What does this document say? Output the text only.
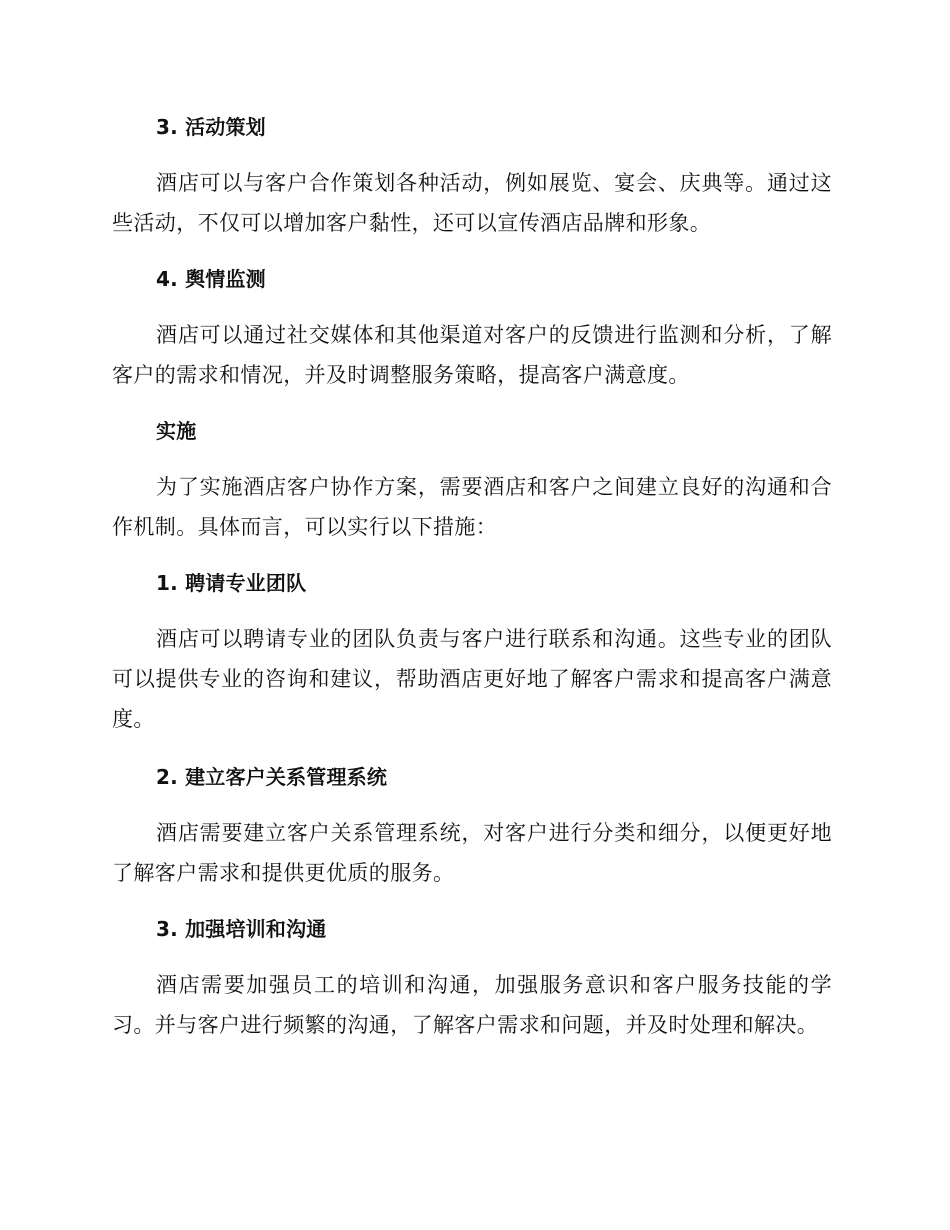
3. 活动策划

酒店可以与客户合作策划各种活动，例如展览、宴会、庆典等。通过这些活动，不仅可以增加客户黏性，还可以宣传酒店品牌和形象。

4. 舆情监测

酒店可以通过社交媒体和其他渠道对客户的反馈进行监测和分析，了解客户的需求和情况，并及时调整服务策略，提高客户满意度。

实施

为了实施酒店客户协作方案，需要酒店和客户之间建立良好的沟通和合作机制。具体而言，可以实行以下措施：

1. 聘请专业团队

酒店可以聘请专业的团队负责与客户进行联系和沟通。这些专业的团队可以提供专业的咨询和建议，帮助酒店更好地了解客户需求和提高客户满意度。

2. 建立客户关系管理系统

酒店需要建立客户关系管理系统，对客户进行分类和细分，以便更好地了解客户需求和提供更优质的服务。

3. 加强培训和沟通

酒店需要加强员工的培训和沟通，加强服务意识和客户服务技能的学习。并与客户进行频繁的沟通，了解客户需求和问题，并及时处理和解决。
